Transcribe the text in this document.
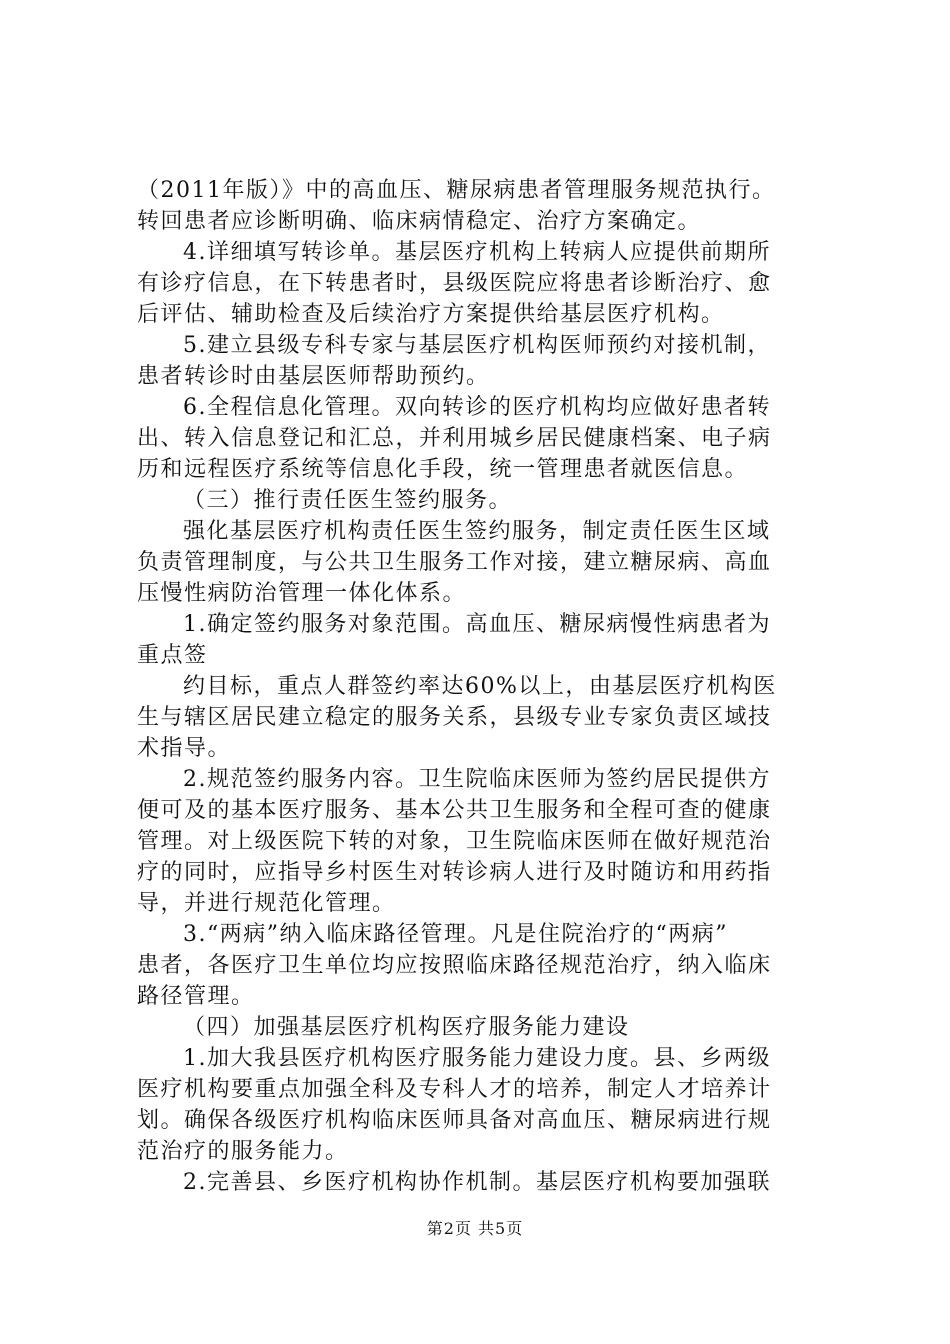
（2011年版）》中的高血压、糖尿病患者管理服务规范执行。
转回患者应诊断明确、临床病情稳定、治疗方案确定。
4.详细填写转诊单。基层医疗机构上转病人应提供前期所
有诊疗信息，在下转患者时，县级医院应将患者诊断治疗、愈
后评估、辅助检查及后续治疗方案提供给基层医疗机构。
5.建立县级专科专家与基层医疗机构医师预约对接机制，
患者转诊时由基层医师帮助预约。
6.全程信息化管理。双向转诊的医疗机构均应做好患者转
出、转入信息登记和汇总，并利用城乡居民健康档案、电子病
历和远程医疗系统等信息化手段，统一管理患者就医信息。
（三）推行责任医生签约服务。
强化基层医疗机构责任医生签约服务，制定责任医生区域
负责管理制度，与公共卫生服务工作对接，建立糖尿病、高血
压慢性病防治管理一体化体系。
1.确定签约服务对象范围。高血压、糖尿病慢性病患者为
重点签
约目标，重点人群签约率达60%以上，由基层医疗机构医
生与辖区居民建立稳定的服务关系，县级专业专家负责区域技
术指导。
2.规范签约服务内容。卫生院临床医师为签约居民提供方
便可及的基本医疗服务、基本公共卫生服务和全程可查的健康
管理。对上级医院下转的对象，卫生院临床医师在做好规范治
疗的同时，应指导乡村医生对转诊病人进行及时随访和用药指
导，并进行规范化管理。
3.“两病”纳入临床路径管理。凡是住院治疗的“两病”
患者，各医疗卫生单位均应按照临床路径规范治疗，纳入临床
路径管理。
（四）加强基层医疗机构医疗服务能力建设
1.加大我县医疗机构医疗服务能力建设力度。县、乡两级
医疗机构要重点加强全科及专科人才的培养，制定人才培养计
划。确保各级医疗机构临床医师具备对高血压、糖尿病进行规
范治疗的服务能力。
2.完善县、乡医疗机构协作机制。基层医疗机构要加强联
第2页 共5页
